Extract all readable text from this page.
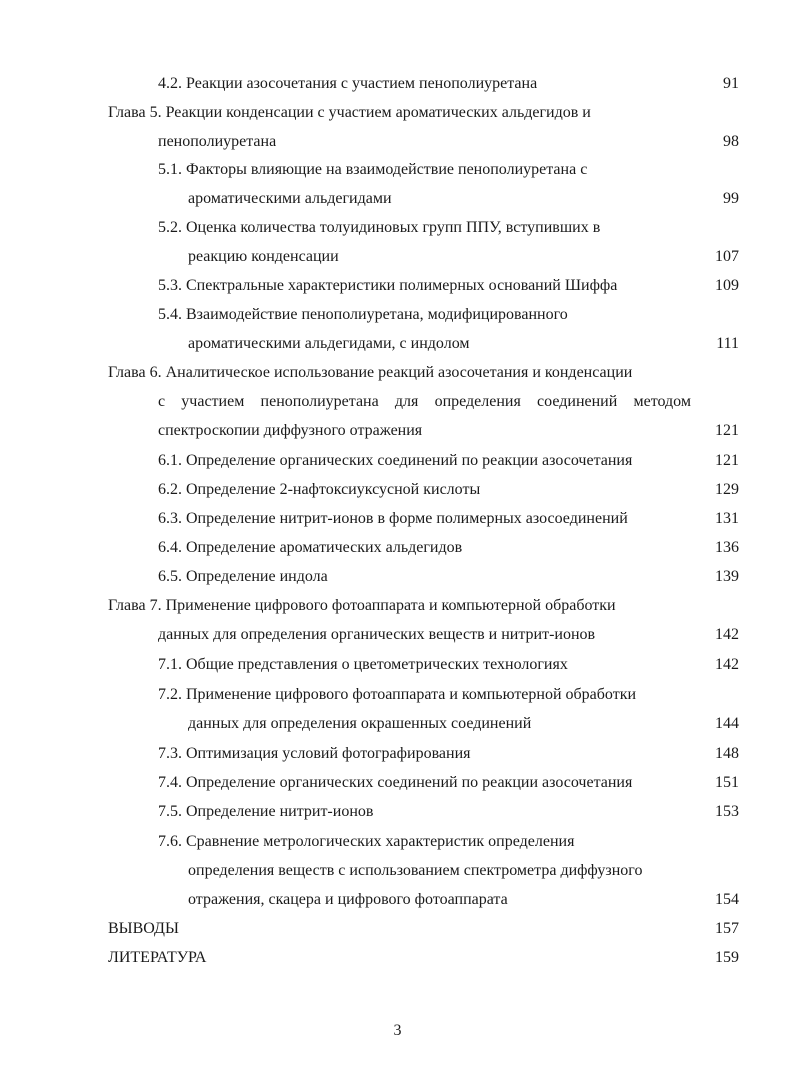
4.2. Реакции азосочетания с участием пенополиуретана	91
Глава 5. Реакции конденсации с участием ароматических альдегидов и
пенополиуретана	98
5.1. Факторы влияющие на взаимодействие пенополиуретана с
ароматическими альдегидами	99
5.2. Оценка количества толуидиновых групп ППУ, вступивших в
реакцию конденсации	107
5.3. Спектральные характеристики полимерных оснований Шиффа	109
5.4. Взаимодействие пенополиуретана, модифицированного
ароматическими альдегидами, с индолом	111
Глава 6. Аналитическое использование реакций азосочетания и конденсации
с участием пенополиуретана для определения соединений методом
спектроскопии диффузного отражения	121
6.1. Определение органических соединений по реакции азосочетания	121
6.2. Определение 2-нафтоксиуксусной кислоты	129
6.3. Определение нитрит-ионов в форме полимерных азосоединений	131
6.4. Определение ароматических альдегидов	136
6.5. Определение индола	139
Глава 7. Применение цифрового фотоаппарата и компьютерной обработки
данных для определения органических веществ и нитрит-ионов	142
7.1. Общие представления о цветометрических технологиях	142
7.2. Применение цифрового фотоаппарата и компьютерной обработки
данных для определения окрашенных соединений	144
7.3. Оптимизация условий фотографирования	148
7.4. Определение органических соединений по реакции азосочетания	151
7.5. Определение нитрит-ионов	153
7.6. Сравнение метрологических характеристик определения
определения веществ с использованием спектрометра диффузного
отражения, скацера и цифрового фотоаппарата	154
ВЫВОДЫ	157
ЛИТЕРАТУРА	159
3
